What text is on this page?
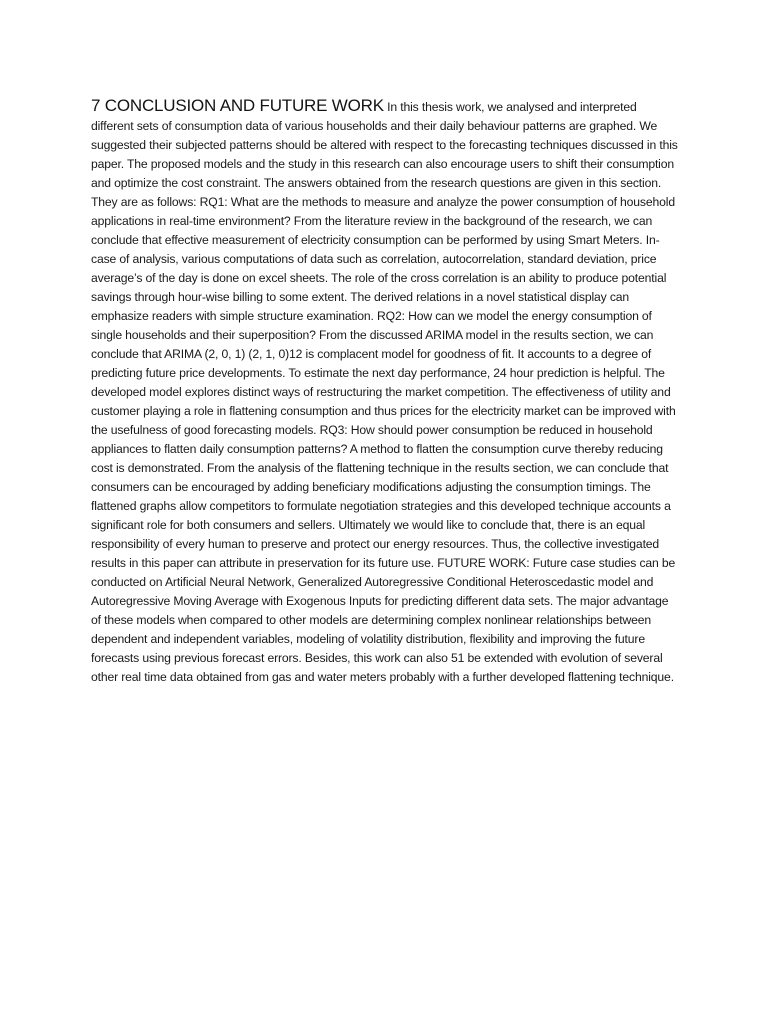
7 CONCLUSION AND FUTURE WORK In this thesis work, we analysed and interpreted different sets of consumption data of various households and their daily behaviour patterns are graphed. We suggested their subjected patterns should be altered with respect to the forecasting techniques discussed in this paper. The proposed models and the study in this research can also encourage users to shift their consumption and optimize the cost constraint. The answers obtained from the research questions are given in this section. They are as follows: RQ1: What are the methods to measure and analyze the power consumption of household applications in real-time environment? From the literature review in the background of the research, we can conclude that effective measurement of electricity consumption can be performed by using Smart Meters. In-case of analysis, various computations of data such as correlation, autocorrelation, standard deviation, price average’s of the day is done on excel sheets. The role of the cross correlation is an ability to produce potential savings through hour-wise billing to some extent. The derived relations in a novel statistical display can emphasize readers with simple structure examination. RQ2: How can we model the energy consumption of single households and their superposition? From the discussed ARIMA model in the results section, we can conclude that ARIMA (2, 0, 1) (2, 1, 0)12 is complacent model for goodness of fit. It accounts to a degree of predicting future price developments. To estimate the next day performance, 24 hour prediction is helpful. The developed model explores distinct ways of restructuring the market competition. The effectiveness of utility and customer playing a role in flattening consumption and thus prices for the electricity market can be improved with the usefulness of good forecasting models. RQ3: How should power consumption be reduced in household appliances to flatten daily consumption patterns? A method to flatten the consumption curve thereby reducing cost is demonstrated. From the analysis of the flattening technique in the results section, we can conclude that consumers can be encouraged by adding beneficiary modifications adjusting the consumption timings. The flattened graphs allow competitors to formulate negotiation strategies and this developed technique accounts a significant role for both consumers and sellers. Ultimately we would like to conclude that, there is an equal responsibility of every human to preserve and protect our energy resources. Thus, the collective investigated results in this paper can attribute in preservation for its future use. FUTURE WORK: Future case studies can be conducted on Artificial Neural Network, Generalized Autoregressive Conditional Heteroscedastic model and Autoregressive Moving Average with Exogenous Inputs for predicting different data sets. The major advantage of these models when compared to other models are determining complex nonlinear relationships between dependent and independent variables, modeling of volatility distribution, flexibility and improving the future forecasts using previous forecast errors. Besides, this work can also 51 be extended with evolution of several other real time data obtained from gas and water meters probably with a further developed flattening technique.
